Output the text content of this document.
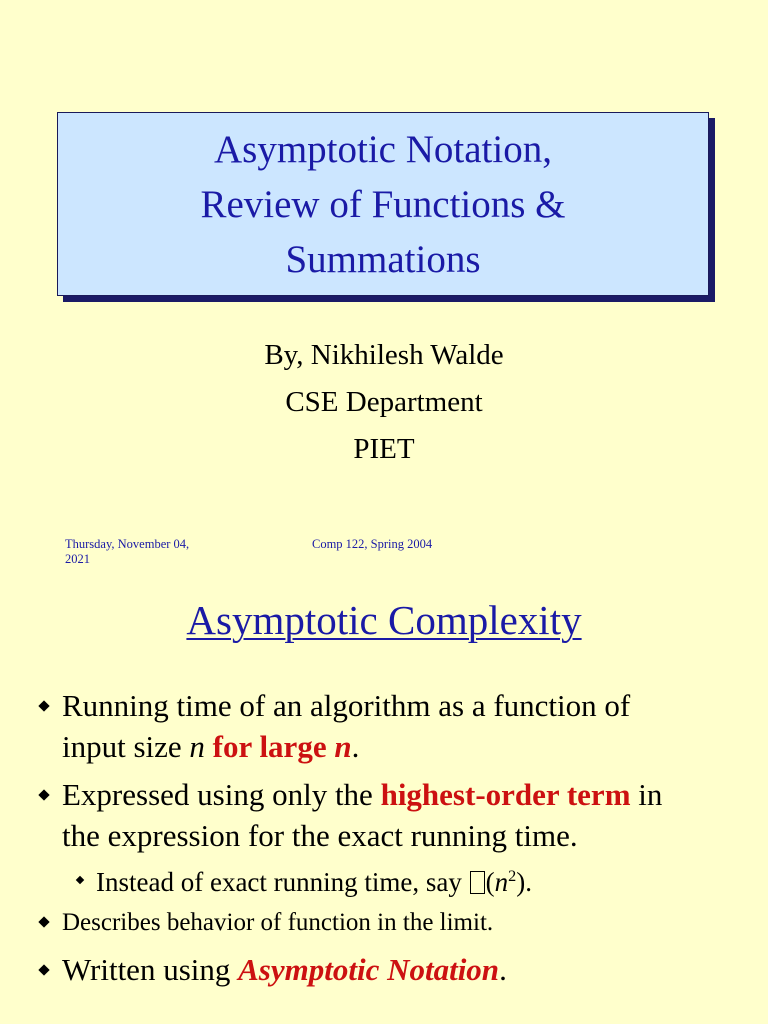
Asymptotic Notation,
Review of Functions &
Summations
By, Nikhilesh Walde
CSE Department
PIET
Thursday, November 04, 2021
Comp 122, Spring 2004
Asymptotic Complexity
Running time of an algorithm as a function of
input size n for large n.
Expressed using only the highest-order term in
the expression for the exact running time.
Instead of exact running time, say $(n^2)$.
Describes behavior of function in the limit.
Written using Asymptotic Notation.
